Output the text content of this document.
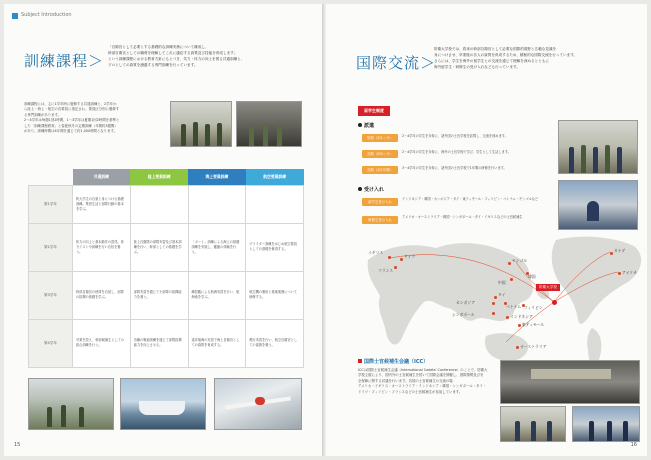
Subject Introduction
訓練課程＞
「自衛官として必要とする基礎的な訓練実務について練成し、
幹部自衛官としての職責を理解してこれに適応する資質及び技能を育成します」
という訓練課程における教育方針にもとづき、気力・体力の向上を図る共通訓練と、
プロとしての資質を涵養する専門訓練を行っています。
訓練課程には、主に1学年時に履修する共通訓練と、2学年か
ら陸上・海上・航空の各要員に指定され、要員区分別に履修す
る専門訓練があります。
2～4学年は毎週1回2時間、1～3学年は夏期1回2時間を基準と
した「訓練課程教育」と春夏秋冬の定期訓練（年間約3週間）
があり、訓練時間は4年間を通じて約1,000時間となります。
	共通訓練	陸上要員訓練	海上要員訓練	航空要員訓練
第1学年	防大学生の自覚と身につける基礎訓練。集団生活と部隊行動の基本を学ぶ。			
第2学年	体力の向上と基本動作の習得。体力テストや訓練を行い自信を養う。	陸上自衛隊の部隊実習及び基本訓練を行い、幹部としての基礎を学ぶ。	「ボート」訓練による海上の基礎訓練を実施し、艦艇の体験を行う。	グライダー訓練をはじめ航空要員としての基礎を修得する。
第3学年	幹部自衛官の使命を自覚し、部隊の指揮の基礎を学ぶ。	部隊実習を通じて小部隊の指揮能力を養う。	練習艦による航海実習を行い、航海術を学ぶ。	航空機の運用と基地業務について研修する。
第4学年	卒業を控え、幹部候補生としての総合訓練を行う。	各種の戦術訓練を通じて部隊指揮能力を向上させる。	遠洋航海の実習で海上自衛官としての資質を育成する。	飛行実習を行い、航空自衛官としての素養を養う。
15
国際交流＞
防衛大学校では、将来の幹部自衛官として必要な国際的視野と広範な見識を
身につけさせ、卒業後の各人の資質を育成するため、積極的な国際交流を行っています。
さらには、学生を海外の留学生との交流を通じて理解を深めるとともに
海外留学生・研修生の受け入れなども行っています。
留学生制度
派遣
短期（約1ヶ月）	2～4学年の学生を対象に、諸外国の士官学校を訪問し、交流を深めます。
長期（約4ヶ月）	2～4学年の学生を対象に、海外の士官学校で学び、学生として生活します。
長期（約1年間）	3～4学年の学生を対象に、諸外国の士官学校で1年間の研修を行います。
受け入れ
留学生受け入れ
インドネシア・韓国・カンボジア・タイ・東ティモール・フィリピン・ベトナム・モンゴルなど
研修生受け入れ
アメリカ・オーストラリア・韓国・シンガポール・タイ・イギリスなどの士官候補生
イギリス
ドイツ
フランス
モンゴル
中国
韓国
タイ
カンボジア
ベトナム フィリピン
シンガポール	インドネシア
東ティモール
オーストラリア
カナダ
アメリカ
防衛大学校
国際士官候補生会議（ICC）
ICCは国際士官候補生会議（International Cadets' Conference）のことで、防衛大
学校主催により、国内外の士官候補生を招いて国際会議を開催し、国際情勢及び安
全保障に関する討議を行います。各国の士官候補生の交流の場
アメリカ・イギリス・オーストラリア・インドネシア・韓国・シンガポール・タイ・
ドイツ・フィリピン・フランスなどの士官候補生が参加しています。
16
